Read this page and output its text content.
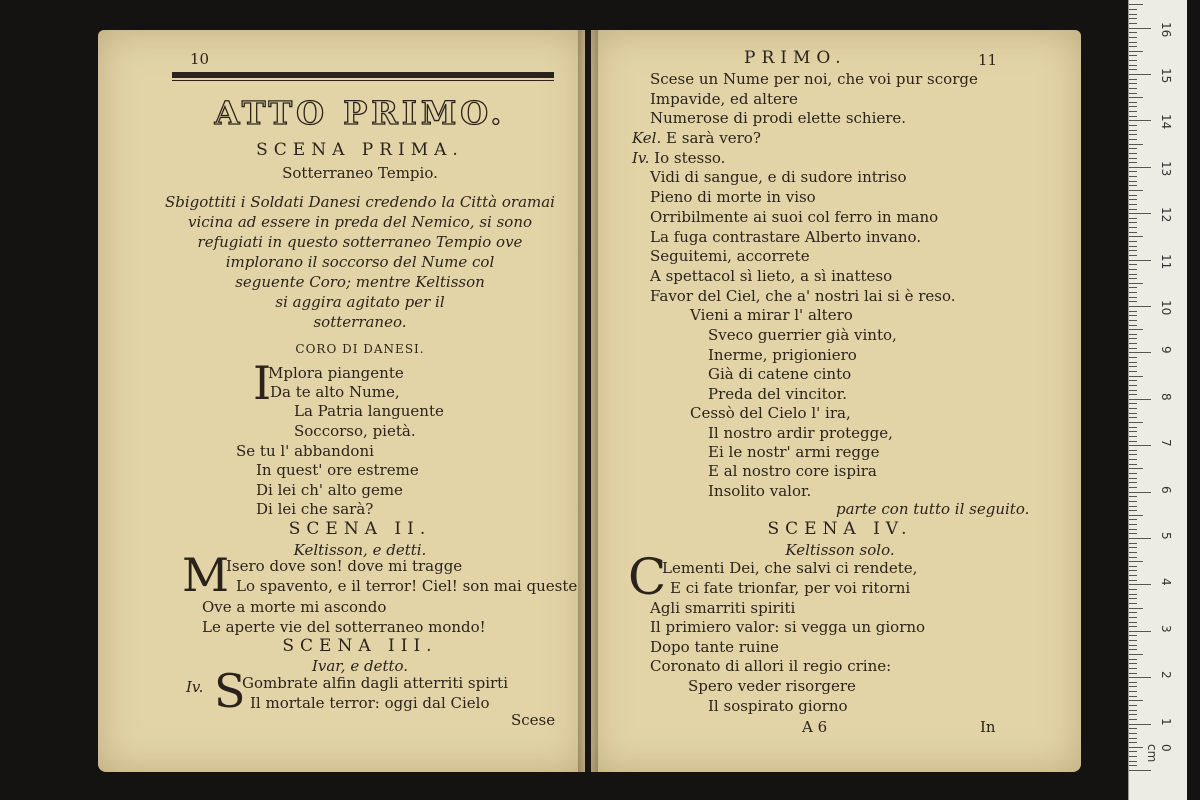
10
ATTO PRIMO.
SCENA PRIMA.
Sotterraneo Tempio.
Sbigottiti i Soldati Danesi credendo la Città oramai
vicina ad essere in preda del Nemico, si sono
refugiati in questo sotterraneo Tempio ove
implorano il soccorso del Nume col
seguente Coro; mentre Keltisson
si aggira agitato per il
sotterraneo.
CORO DI DANESI.
I
Mplora piangente
Da te alto Nume,
La Patria languente
Soccorso, pietà.
Se tu l' abbandoni
In quest' ore estreme
Di lei ch' alto geme
Di lei che sarà?
SCENA II.
Keltisson, e detti.
M
Isero dove son! dove mi tragge
Lo spavento, e il terror! Ciel! son mai queste
Ove a morte mi ascondo
Le aperte vie del sotterraneo mondo!
SCENA III.
Ivar, e detto.
Iv. S
Gombrate alfin dagli atterriti spirti
Il mortale terror: oggi dal Cielo
Scese
PRIMO.	11
Scese un Nume per noi, che voi pur scorge
Impavide, ed altere
Numerose di prodi elette schiere.
Kel. E sarà vero?
Iv. Io stesso.
Vidi di sangue, e di sudore intriso
Pieno di morte in viso
Orribilmente ai suoi col ferro in mano
La fuga contrastare Alberto invano.
Seguitemi, accorrete
A spettacol sì lieto, a sì inatteso
Favor del Ciel, che a' nostri lai si è reso.
Vieni a mirar l' altero
Sveco guerrier già vinto,
Inerme, prigioniero
Già di catene cinto
Preda del vincitor.
Cessò del Cielo l' ira,
Il nostro ardir protegge,
Ei le nostr' armi regge
E al nostro core ispira
Insolito valor.
parte con tutto il seguito.
SCENA IV.
Keltisson solo.
C
Lementi Dei, che salvi ci rendete,
E ci fate trionfar, per voi ritorni
Agli smarriti spiriti
Il primiero valor: si vegga un giorno
Dopo tante ruine
Coronato di allori il regio crine:
Spero veder risorgere
Il sospirato giorno
A 6	In
0 cm
1
2
3
4
5
6
7
8
9
10
11
12
13
14
15
16
